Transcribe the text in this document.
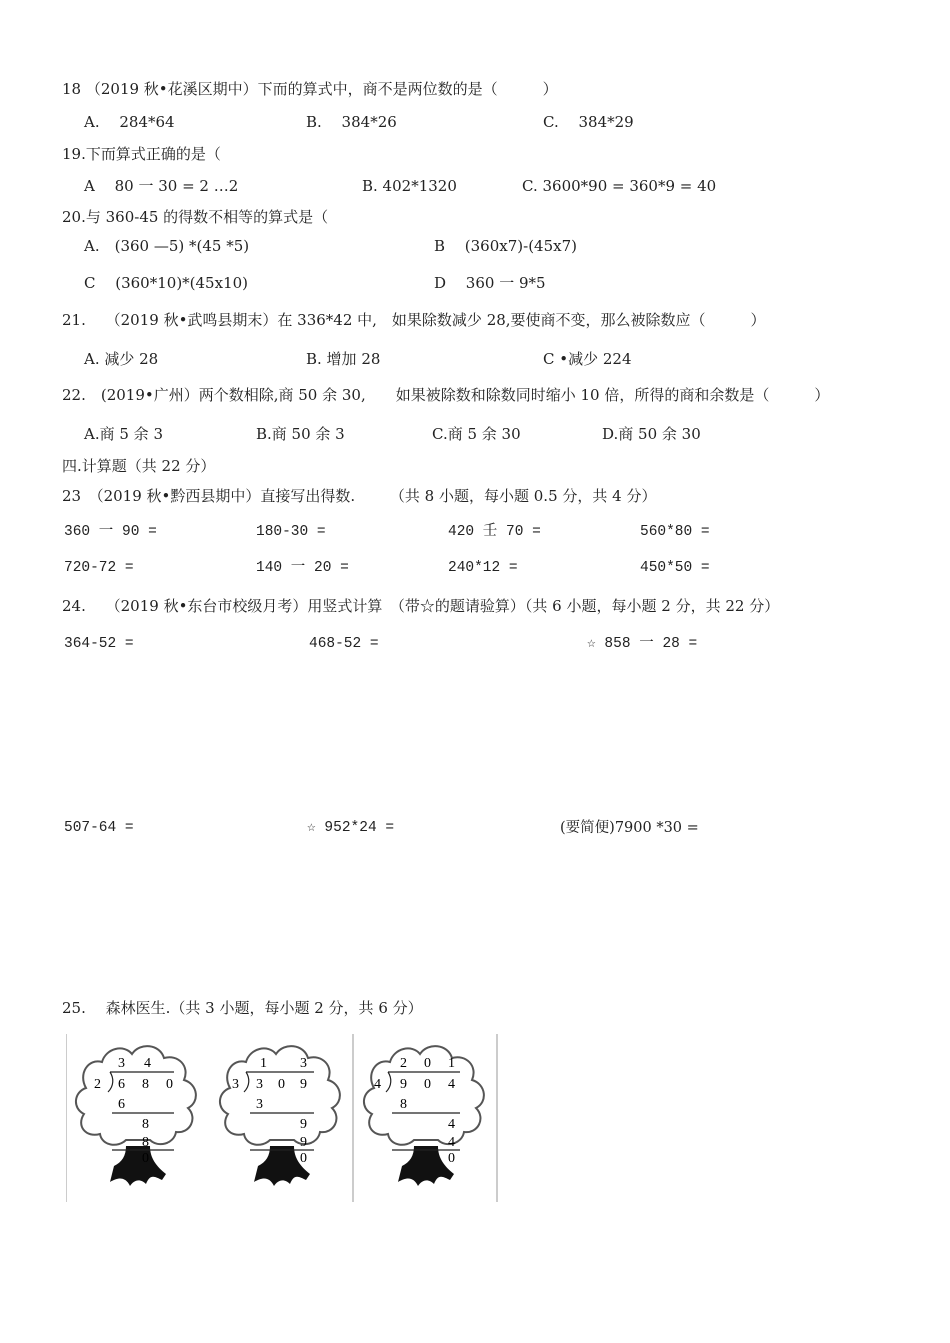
18 （2019 秋•花溪区期中）下而的算式中，商不是两位数的是（　　　）
A.　 284*64	B.　 384*26	C.　 384*29
19.下而算式正确的是（
A　 80 一 30 = 2 …2	B. 402*1320	C. 3600*90 = 360*9 = 40
20.与 360-45 的得数不相等的算式是（
A.　(360 —5) *(45 *5)	B　 (360x7)-(45x7)
C　 (360*10)*(45x10)	D　 360 一 9*5
21.　 （2019 秋•武鸣县期末）在 336*42 中,　如果除数减少 28,要使商不变，那么被除数应（　　　）
A. 减少 28	B. 增加 28	C •减少 224
22.　(2019•广州）两个数相除,商 50 余 30,　　如果被除数和除数同时缩小 10 倍，所得的商和余数是（　　　）
A.商 5 余 3	B.商 50 余 3	C.商 5 余 30	D.商 50 余 30
四.计算题（共 22 分）
23　（2019 秋•黔西县期中）直接写出得数.　　 （共 8 小题，每小题 0.5 分，共 4 分）
360 一 90 =	180-30 =	420 壬 70 =	560*80 =
720-72 =	140 一 20 =	240*12 =	450*50 =
24.　 （2019 秋•东台市校级月考）用竖式计算　（带☆的题请验算）（共 6 小题，每小题 2 分，共 22 分）
364-52 =	468-52 =	☆ 858 一 28 =
507-64 =	☆ 952*24 =	(要简便)7900 *30 =
25.　 森林医生.（共 3 小题，每小题 2 分，共 6 分）
3 4
2 6 8 0
6
8
8
0
1 3
3 3 0 9
3
9
9
0
2 0 1
4 9 0 4
8
4
4
0
